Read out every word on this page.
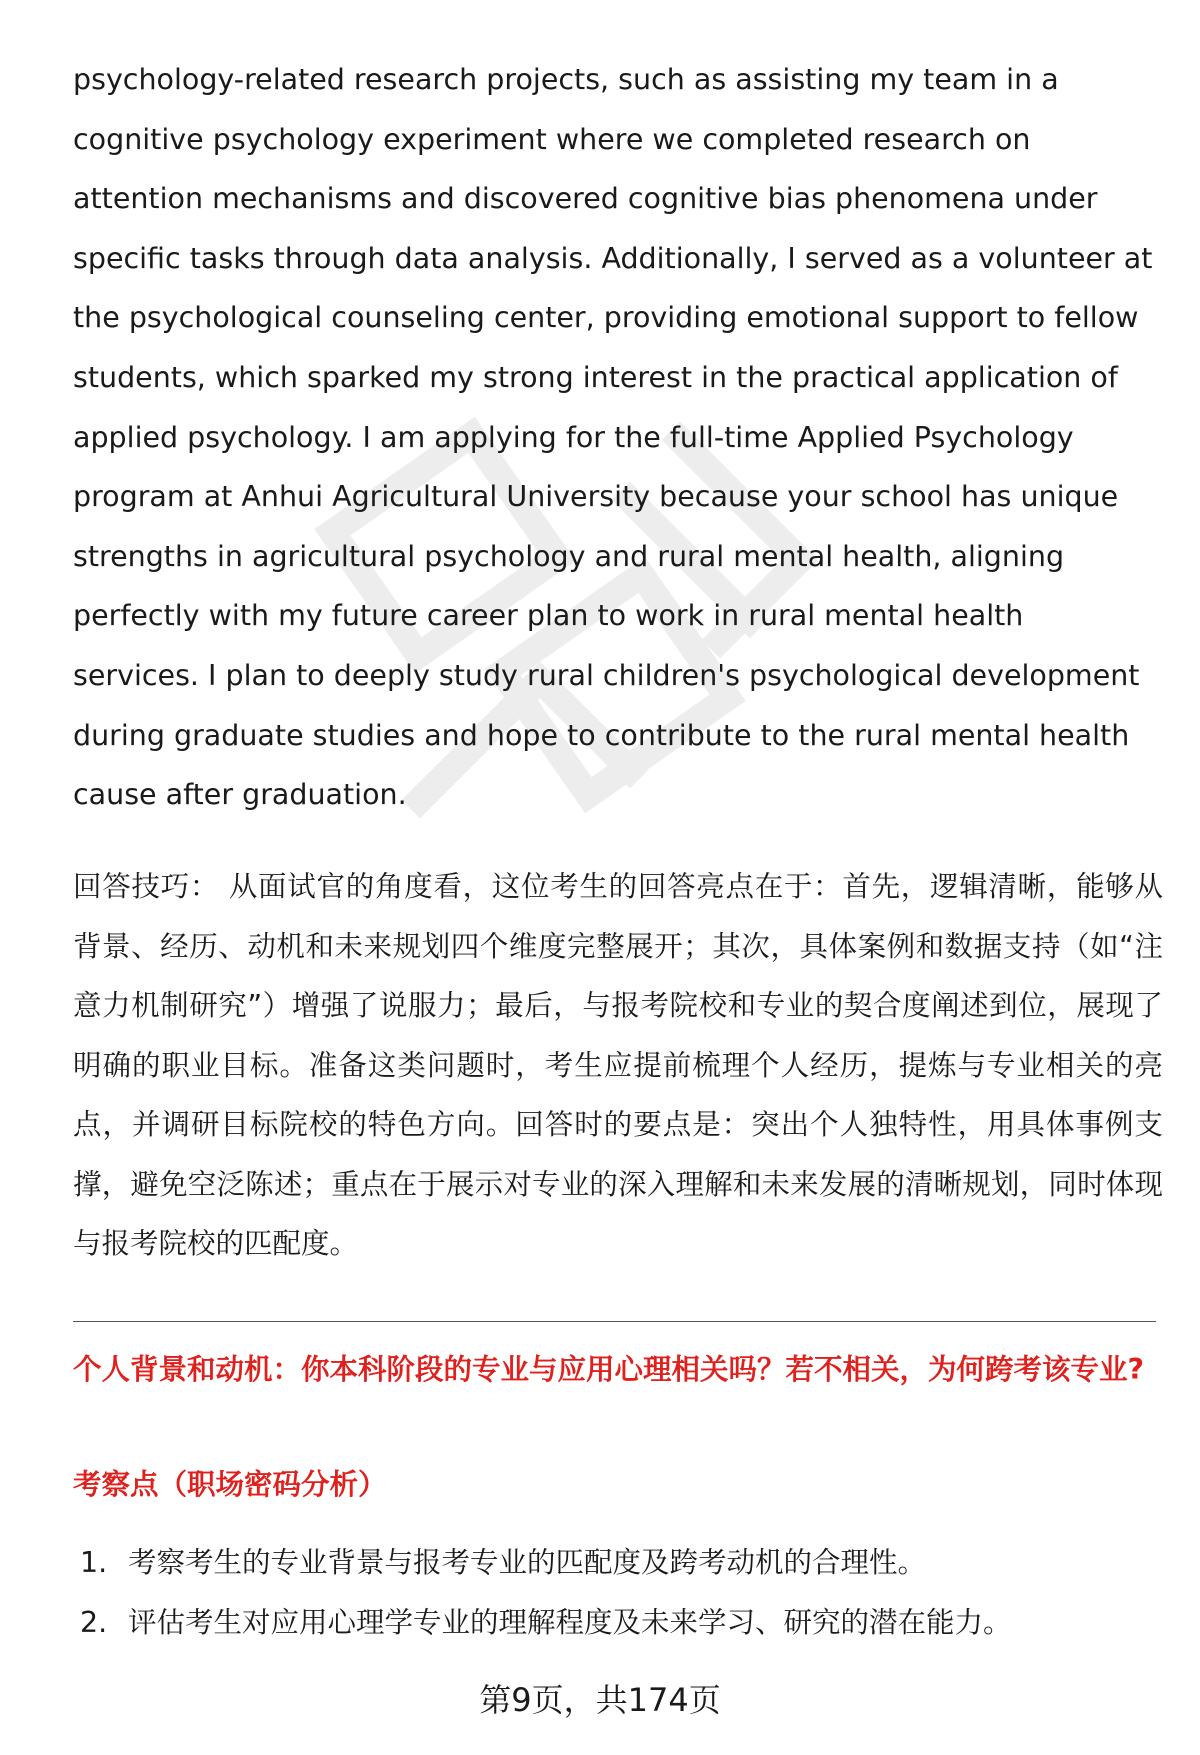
psychology-related research projects, such as assisting my team in a cognitive psychology experiment where we completed research on attention mechanisms and discovered cognitive bias phenomena under specific tasks through data analysis. Additionally, I served as a volunteer at the psychological counseling center, providing emotional support to fellow students, which sparked my strong interest in the practical application of applied psychology. I am applying for the full-time Applied Psychology program at Anhui Agricultural University because your school has unique strengths in agricultural psychology and rural mental health, aligning perfectly with my future career plan to work in rural mental health services. I plan to deeply study rural children's psychological development during graduate studies and hope to contribute to the rural mental health cause after graduation.

回答技巧： 从面试官的角度看，这位考生的回答亮点在于：首先，逻辑清晰，能够从背景、经历、动机和未来规划四个维度完整展开；其次，具体案例和数据支持（如“注意力机制研究”）增强了说服力；最后，与报考院校和专业的契合度阐述到位，展现了明确的职业目标。准备这类问题时，考生应提前梳理个人经历，提炼与专业相关的亮点，并调研目标院校的特色方向。回答时的要点是：突出个人独特性，用具体事例支撑，避免空泛陈述；重点在于展示对专业的深入理解和未来发展的清晰规划，同时体现与报考院校的匹配度。

个人背景和动机：你本科阶段的专业与应用心理相关吗？若不相关，为何跨考该专业?

考察点（职场密码分析）

1. 考察考生的专业背景与报考专业的匹配度及跨考动机的合理性。
2. 评估考生对应用心理学专业的理解程度及未来学习、研究的潜在能力。
第9页，共174页
